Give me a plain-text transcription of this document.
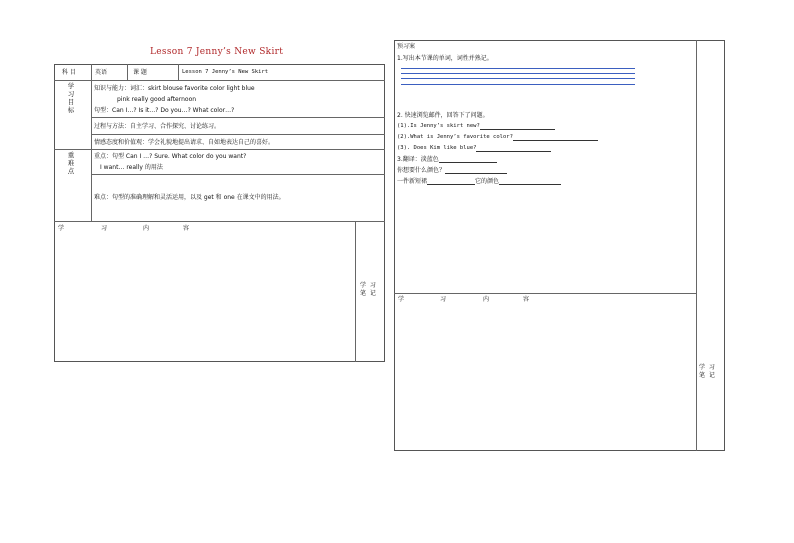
Lesson 7 Jenny’s New Skirt
科 目	英语	课 题	Lesson 7 Jenny’s New Skirt
学
习
目
标
知识与能力：词汇：skirt blouse favorite color light blue
pink really good afternoon
句型：Can I…? Is it…? Do you…? What color…?
过程与方法：自主学习、合作探究、讨论练习。
情感态度和价值观：学会礼貌地提出请求、自如地表达自己的喜好。
重
难
点
重点：句型 Can I …? Sure. What color do you want?
I want… really 的用法
难点：句型的准确理解和灵活运用，以及 get 和 one 在课文中的用法。
学	习	内	容
学 习
笔 记
预习案
1.写出本节课的单词，词性并熟记。
2. 快速浏览邮件，回答下了问题。
(1).Is Jenny’s skirt new?
(2).What is Jenny’s favorite color?
(3). Does Kim like blue?
3.翻译：淡蓝色
你想要什么颜色？
一件新短裙	它的颜色
学	习	内	容
学 习
笔 记
